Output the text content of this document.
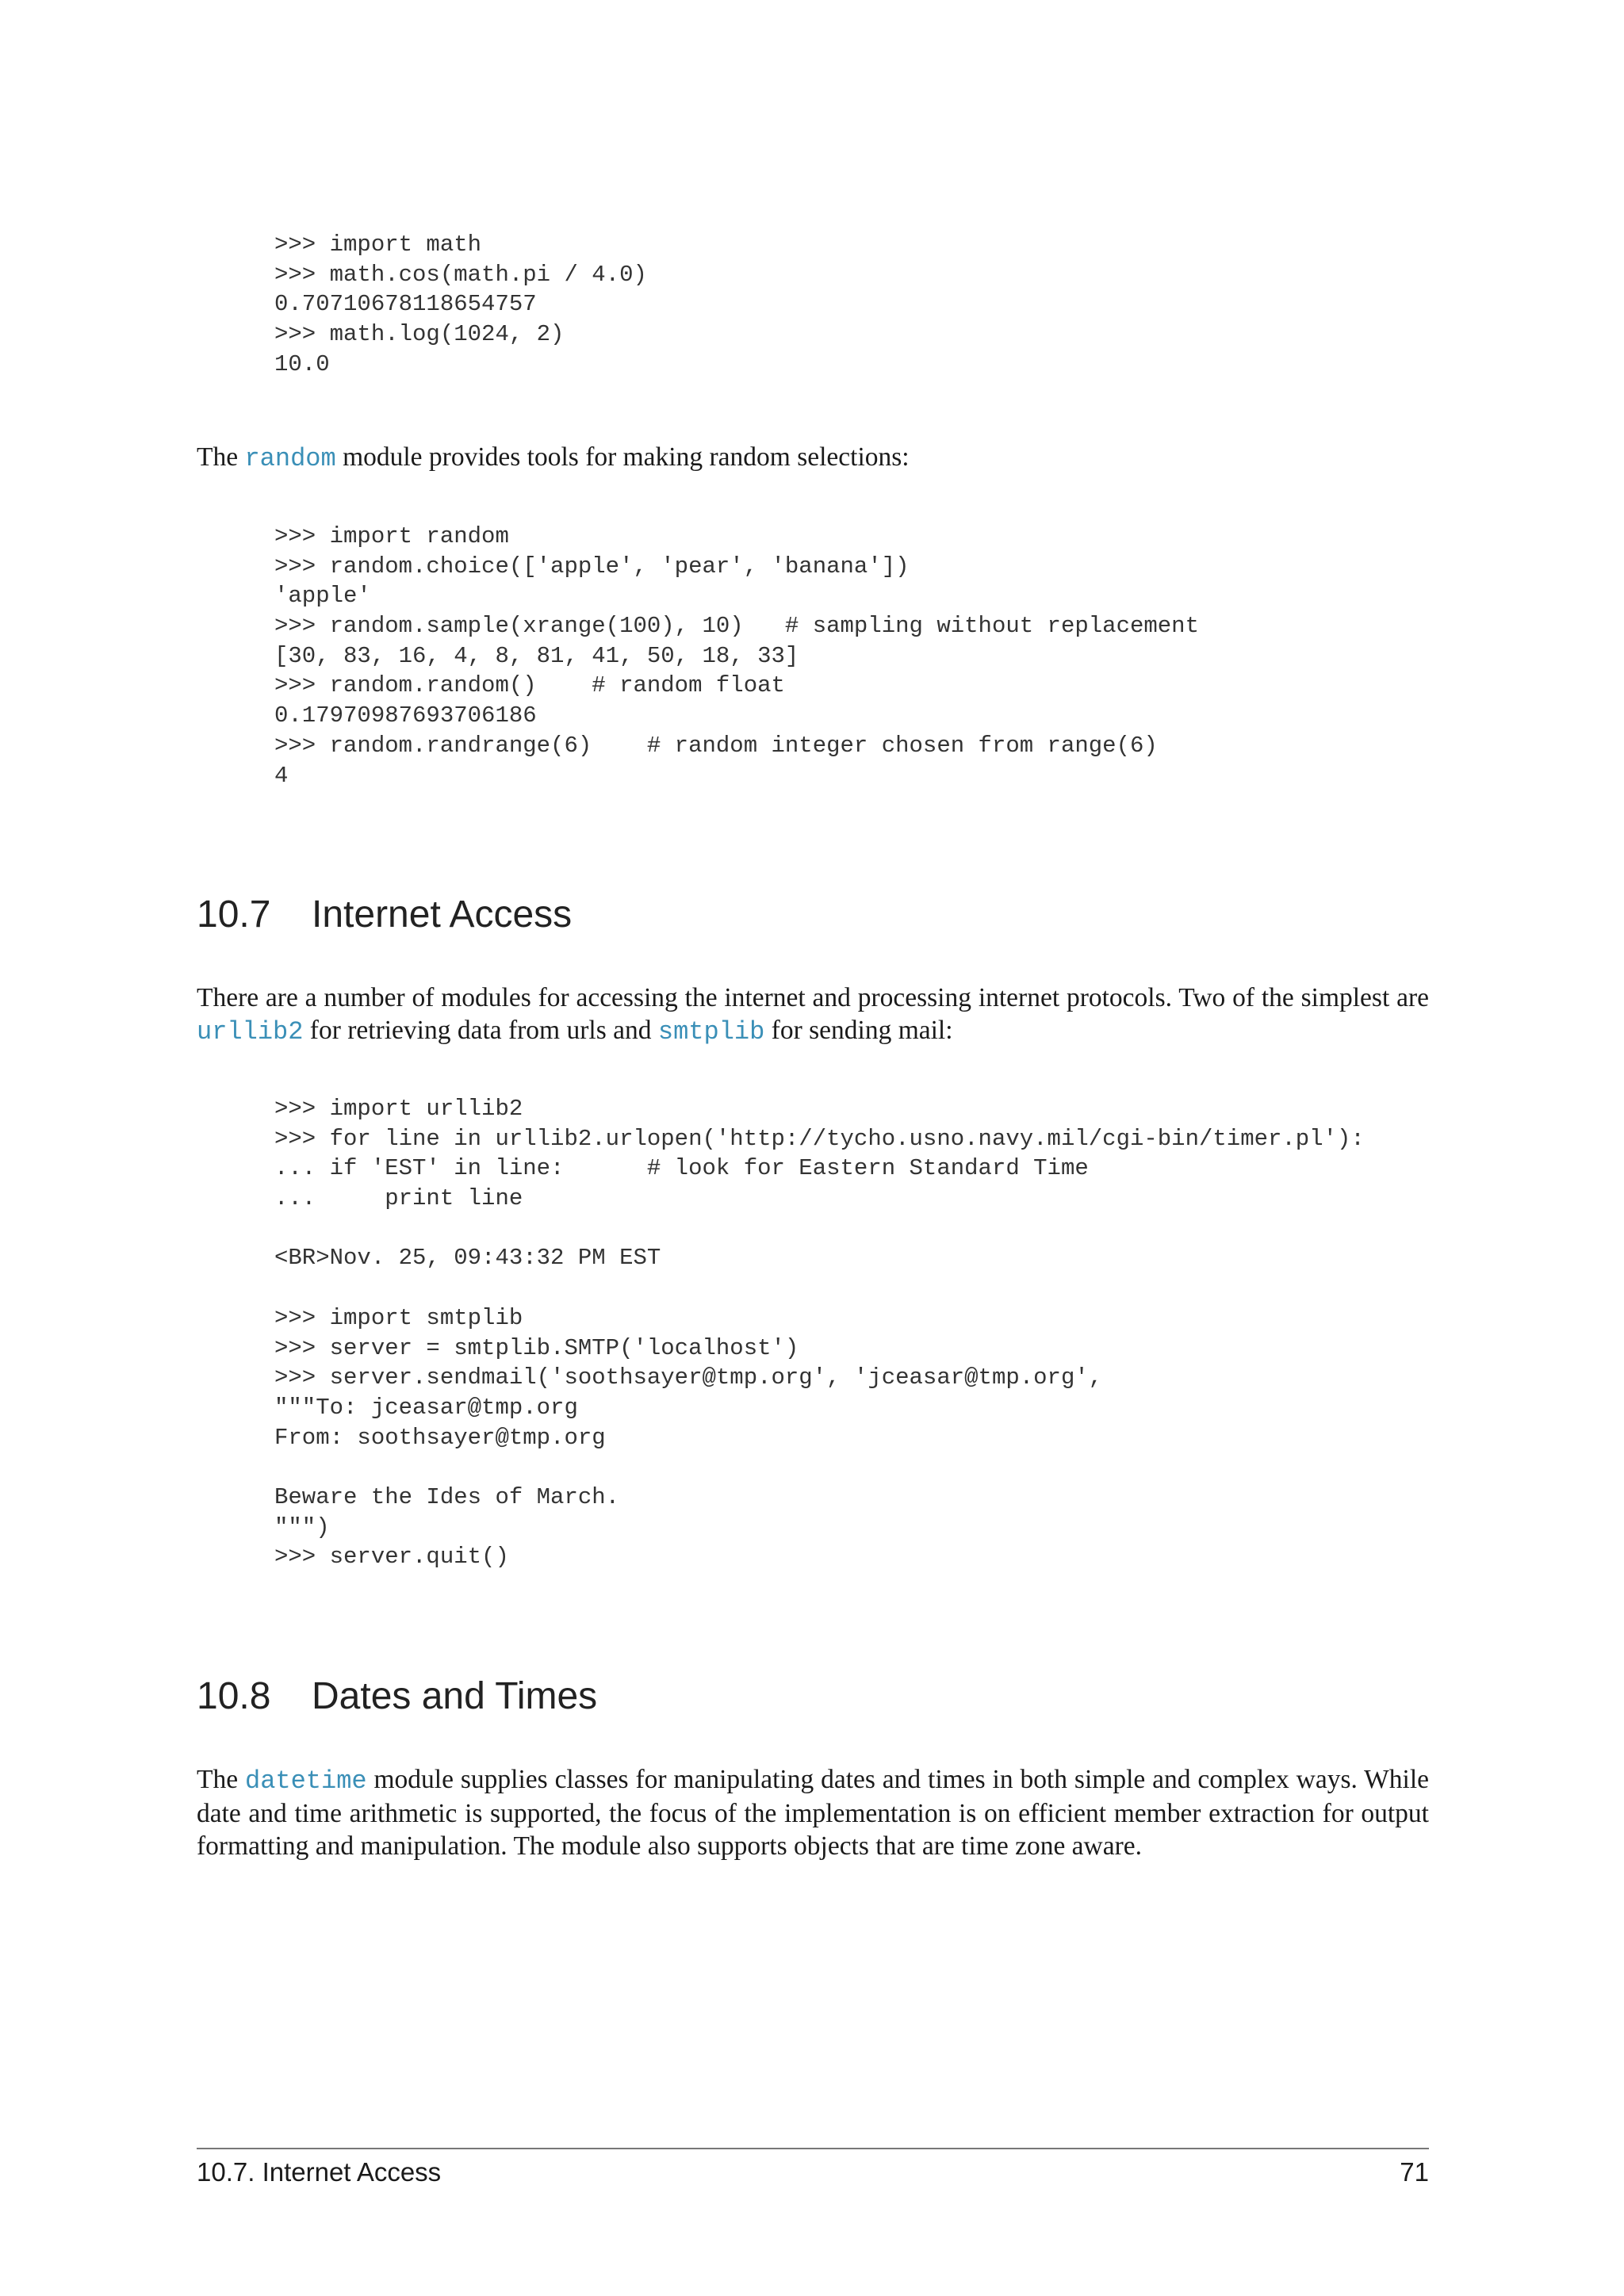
>>> import math
>>> math.cos(math.pi / 4.0)
0.70710678118654757
>>> math.log(1024, 2)
10.0

The random module provides tools for making random selections:

>>> import random
>>> random.choice(['apple', 'pear', 'banana'])
'apple'
>>> random.sample(xrange(100), 10)   # sampling without replacement
[30, 83, 16, 4, 8, 81, 41, 50, 18, 33]
>>> random.random()    # random float
0.17970987693706186
>>> random.randrange(6)    # random integer chosen from range(6)
4
10.7 Internet Access

There are a number of modules for accessing the internet and processing internet protocols. Two of the simplest are urllib2 for retrieving data from urls and smtplib for sending mail:

>>> import urllib2
>>> for line in urllib2.urlopen('http://tycho.usno.navy.mil/cgi-bin/timer.pl'):
... if 'EST' in line:      # look for Eastern Standard Time
...     print line

<BR>Nov. 25, 09:43:32 PM EST

>>> import smtplib
>>> server = smtplib.SMTP('localhost')
>>> server.sendmail('soothsayer@tmp.org', 'jceasar@tmp.org',
"""To: jceasar@tmp.org
From: soothsayer@tmp.org

Beware the Ides of March.
""")
>>> server.quit()
10.8 Dates and Times

The datetime module supplies classes for manipulating dates and times in both simple and complex ways. While date and time arithmetic is supported, the focus of the implementation is on efficient member extraction for output formatting and manipulation. The module also supports objects that are time zone aware.

10.7. Internet Access	71
